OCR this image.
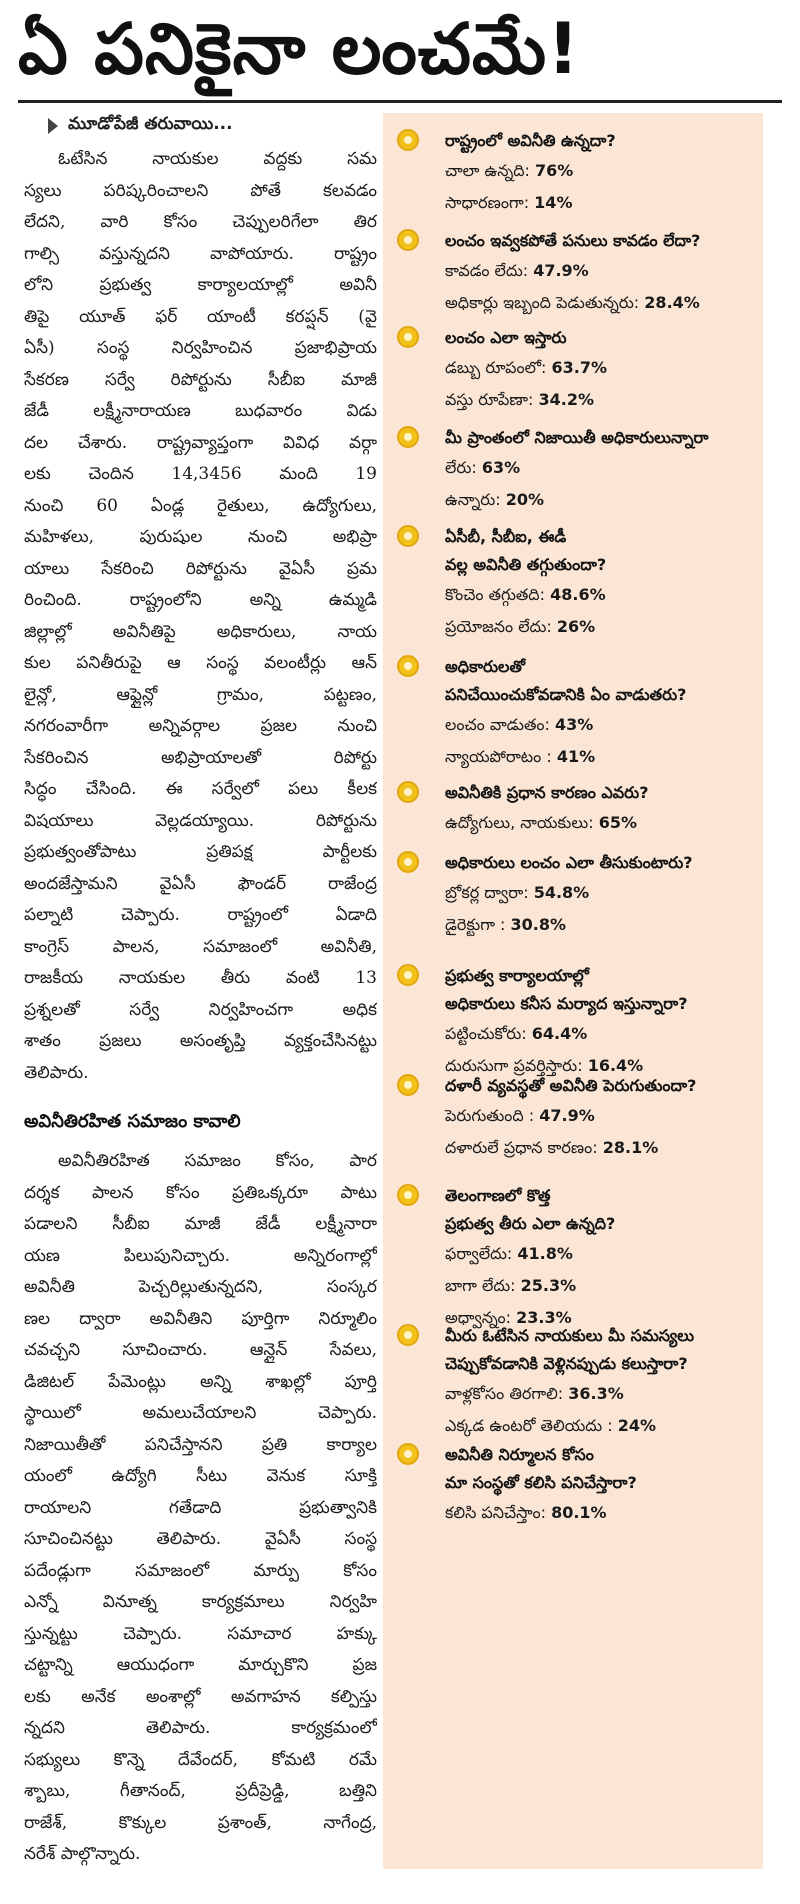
ఏ పనికైనా లంచమే!
మూడోపేజీ తరువాయి...
ఓటేసిన నాయకుల వద్దకు సమ
స్యలు పరిష్కరించాలని పోతే కలవడం
లేదని, వారి కోసం చెప్పులరిగేలా తిర
గాల్సి వస్తున్నదని వాపోయారు. రాష్ట్రం
లోని ప్రభుత్వ కార్యాలయాల్లో అవినీ
తిపై యూత్ ఫర్ యాంటీ కరప్షన్ (వై
ఏసీ) సంస్థ నిర్వహించిన ప్రజాభిప్రాయ
సేకరణ సర్వే రిపోర్టును సీబీఐ మాజీ
జేడీ లక్ష్మీనారాయణ బుధవారం విడు
దల చేశారు. రాష్ట్రవ్యాప్తంగా వివిధ వర్గా
లకు చెందిన 14,3456 మంది 19
నుంచి 60 ఏండ్ల రైతులు, ఉద్యోగులు,
మహిళలు, పురుషుల నుంచి అభిప్రా
యాలు సేకరించి రిపోర్టును వైఏసీ ప్రమ
రించింది. రాష్ట్రంలోని అన్ని ఉమ్మడి
జిల్లాల్లో అవినీతిపై అధికారులు, నాయ
కుల పనితీరుపై ఆ సంస్థ వలంటీర్లు ఆన్
లైన్లో, ఆఫ్లైన్లో గ్రామం, పట్టణం,
నగరంవారీగా అన్నివర్గాల ప్రజల నుంచి
సేకరించిన అభిప్రాయాలతో రిపోర్టు
సిద్ధం చేసింది. ఈ సర్వేలో పలు కీలక
విషయాలు వెల్లడయ్యాయి. రిపోర్టును
ప్రభుత్వంతోపాటు ప్రతిపక్ష పార్టీలకు
అందజేస్తామని వైఏసీ ఫౌండర్ రాజేంద్ర
పల్నాటి చెప్పారు. రాష్ట్రంలో ఏడాది
కాంగ్రెస్ పాలన, సమాజంలో అవినీతి,
రాజకీయ నాయకుల తీరు వంటి 13
ప్రశ్నలతో సర్వే నిర్వహించగా అధిక
శాతం ప్రజలు అసంతృప్తి వ్యక్తంచేసినట్టు
తెలిపారు.
అవినీతిరహిత సమాజం కావాలి
అవినీతిరహిత సమాజం కోసం, పార
దర్శక పాలన కోసం ప్రతిఒక్కరూ పాటు
పడాలని సీబీఐ మాజీ జేడీ లక్ష్మీనారా
యణ పిలుపునిచ్చారు. అన్నిరంగాల్లో
అవినీతి పెచ్చరిల్లుతున్నదని, సంస్కర
ణల ద్వారా అవినీతిని పూర్తిగా నిర్మూలిం
చవచ్చని సూచించారు. ఆన్లైన్ సేవలు,
డిజిటల్ పేమెంట్లు అన్ని శాఖల్లో పూర్తి
స్థాయిలో అమలుచేయాలని చెప్పారు.
నిజాయితీతో పనిచేస్తానని ప్రతి కార్యాల
యంలో ఉద్యోగి సీటు వెనుక సూక్తి
రాయాలని గతేడాది ప్రభుత్వానికి
సూచించినట్టు తెలిపారు. వైఏసీ సంస్థ
పదేండ్లుగా సమాజంలో మార్పు కోసం
ఎన్నో వినూత్న కార్యక్రమాలు నిర్వహి
స్తున్నట్టు చెప్పారు. సమాచార హక్కు
చట్టాన్ని ఆయుధంగా మార్చుకొని ప్రజ
లకు అనేక అంశాల్లో అవగాహన కల్పిస్తు
న్నదని తెలిపారు. కార్యక్రమంలో
సభ్యులు కొన్నె దేవేందర్, కోమటి రమే
శ్బాబు, గీతానంద్, ప్రదీప్రెడ్డి, బత్తిని
రాజేశ్, కొక్కుల ప్రశాంత్, నాగేంద్ర,
నరేశ్ పాల్గొన్నారు.
రాష్ట్రంలో అవినీతి ఉన్నదా?
చాలా ఉన్నది: 76%
సాధారణంగా: 14%
లంచం ఇవ్వకపోతే పనులు కావడం లేదా?
కావడం లేదు: 47.9%
అధికార్లు ఇబ్బంది పెడుతున్నరు: 28.4%
లంచం ఎలా ఇస్తారు
డబ్బు రూపంలో: 63.7%
వస్తు రూపేణా: 34.2%
మీ ప్రాంతంలో నిజాయితీ అధికారులున్నారా
లేరు: 63%
ఉన్నారు: 20%
ఏసీబీ, సీబీఐ, ఈడీ
వల్ల అవినీతి తగ్గుతుందా?
కొంచెం తగ్గుతది: 48.6%
ప్రయోజనం లేదు: 26%
అధికారులతో
పనిచేయించుకోవడానికి ఏం వాడుతరు?
లంచం వాడుతం: 43%
న్యాయపోరాటం : 41%
అవినీతికి ప్రధాన కారణం ఎవరు?
ఉద్యోగులు, నాయకులు: 65%
అధికారులు లంచం ఎలా తీసుకుంటారు?
బ్రోకర్ల ద్వారా: 54.8%
డైరెక్టుగా : 30.8%
ప్రభుత్వ కార్యాలయాల్లో
అధికారులు కనీస మర్యాద ఇస్తున్నారా?
పట్టించుకోరు: 64.4%
దురుసుగా ప్రవర్తిస్తారు: 16.4%
దళారీ వ్యవస్థతో అవినీతి పెరుగుతుందా?
పెరుగుతుంది : 47.9%
దళారులే ప్రధాన కారణం: 28.1%
తెలంగాణలో కొత్త
ప్రభుత్వ తీరు ఎలా ఉన్నది?
ఫర్వాలేదు: 41.8%
బాగా లేదు: 25.3%
అధ్వాన్నం: 23.3%
మీరు ఓటేసిన నాయకులు మీ సమస్యలు
చెప్పుకోవడానికి వెళ్లినప్పుడు కలుస్తారా?
వాళ్లకోసం తిరగాలి: 36.3%
ఎక్కడ ఉంటరో తెలియదు : 24%
అవినీతి నిర్మూలన కోసం
మా సంస్థతో కలిసి పనిచేస్తారా?
కలిసి పనిచేస్తాం: 80.1%
